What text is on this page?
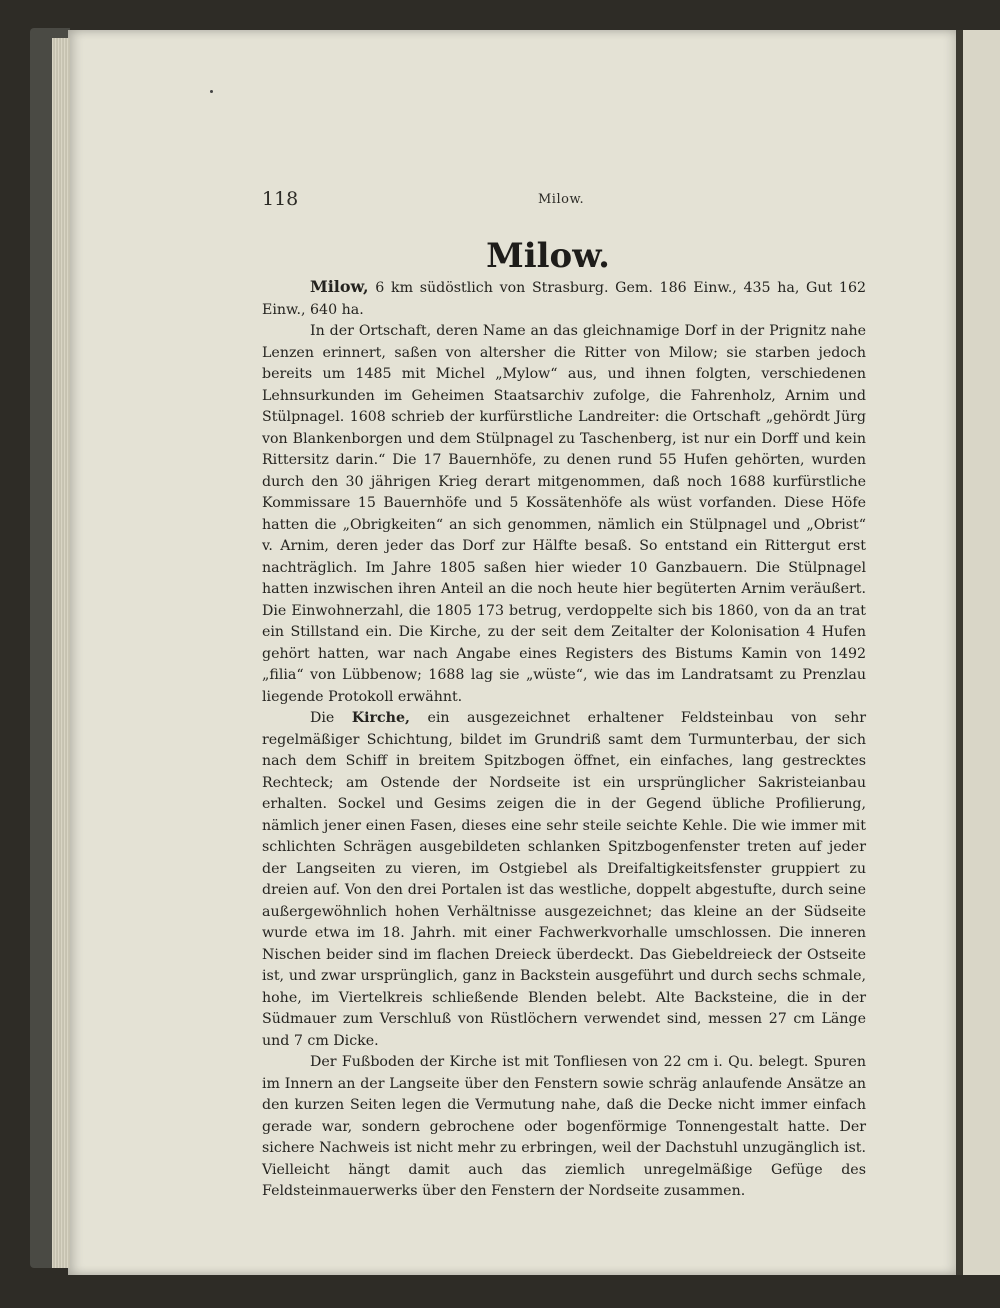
118	Milow.
Milow.

Milow, 6 km südöstlich von Strasburg. Gem. 186 Einw., 435 ha, Gut 162 Einw., 640 ha.

In der Ortschaft, deren Name an das gleichnamige Dorf in der Prignitz nahe Lenzen erinnert, saßen von altersher die Ritter von Milow; sie starben jedoch bereits um 1485 mit Michel „Mylow“ aus, und ihnen folgten, verschiedenen Lehnsurkunden im Geheimen Staatsarchiv zufolge, die Fahrenholz, Arnim und Stülpnagel. 1608 schrieb der kurfürstliche Landreiter: die Ortschaft „gehördt Jürg von Blankenborgen und dem Stülpnagel zu Taschenberg, ist nur ein Dorff und kein Rittersitz darin.“ Die 17 Bauernhöfe, zu denen rund 55 Hufen gehörten, wurden durch den 30 jährigen Krieg derart mitgenommen, daß noch 1688 kurfürstliche Kommissare 15 Bauernhöfe und 5 Kossätenhöfe als wüst vorfanden. Diese Höfe hatten die „Obrigkeiten“ an sich genommen, nämlich ein Stülpnagel und „Obrist“ v. Arnim, deren jeder das Dorf zur Hälfte besaß. So entstand ein Rittergut erst nachträglich. Im Jahre 1805 saßen hier wieder 10 Ganzbauern. Die Stülpnagel hatten inzwischen ihren Anteil an die noch heute hier begüterten Arnim veräußert. Die Einwohnerzahl, die 1805 173 betrug, verdoppelte sich bis 1860, von da an trat ein Stillstand ein. Die Kirche, zu der seit dem Zeitalter der Kolonisation 4 Hufen gehört hatten, war nach Angabe eines Registers des Bistums Kamin von 1492 „filia“ von Lübbenow; 1688 lag sie „wüste“, wie das im Landratsamt zu Prenzlau liegende Protokoll erwähnt.

Die Kirche, ein ausgezeichnet erhaltener Feldsteinbau von sehr regelmäßiger Schichtung, bildet im Grundriß samt dem Turmunterbau, der sich nach dem Schiff in breitem Spitzbogen öffnet, ein einfaches, lang gestrecktes Rechteck; am Ostende der Nordseite ist ein ursprünglicher Sakristeianbau erhalten. Sockel und Gesims zeigen die in der Gegend übliche Profilierung, nämlich jener einen Fasen, dieses eine sehr steile seichte Kehle. Die wie immer mit schlichten Schrägen ausgebildeten schlanken Spitzbogenfenster treten auf jeder der Langseiten zu vieren, im Ostgiebel als Dreifaltigkeitsfenster gruppiert zu dreien auf. Von den drei Portalen ist das westliche, doppelt abgestufte, durch seine außergewöhnlich hohen Verhältnisse ausgezeichnet; das kleine an der Südseite wurde etwa im 18. Jahrh. mit einer Fachwerkvorhalle umschlossen. Die inneren Nischen beider sind im flachen Dreieck überdeckt. Das Giebeldreieck der Ostseite ist, und zwar ursprünglich, ganz in Backstein ausgeführt und durch sechs schmale, hohe, im Viertelkreis schließende Blenden belebt. Alte Backsteine, die in der Südmauer zum Verschluß von Rüstlöchern verwendet sind, messen 27 cm Länge und 7 cm Dicke.

Der Fußboden der Kirche ist mit Tonfliesen von 22 cm i. Qu. belegt. Spuren im Innern an der Langseite über den Fenstern sowie schräg anlaufende Ansätze an den kurzen Seiten legen die Vermutung nahe, daß die Decke nicht immer einfach gerade war, sondern gebrochene oder bogenförmige Tonnengestalt hatte. Der sichere Nachweis ist nicht mehr zu erbringen, weil der Dachstuhl unzugänglich ist. Vielleicht hängt damit auch das ziemlich unregelmäßige Gefüge des Feldsteinmauerwerks über den Fenstern der Nordseite zusammen.
